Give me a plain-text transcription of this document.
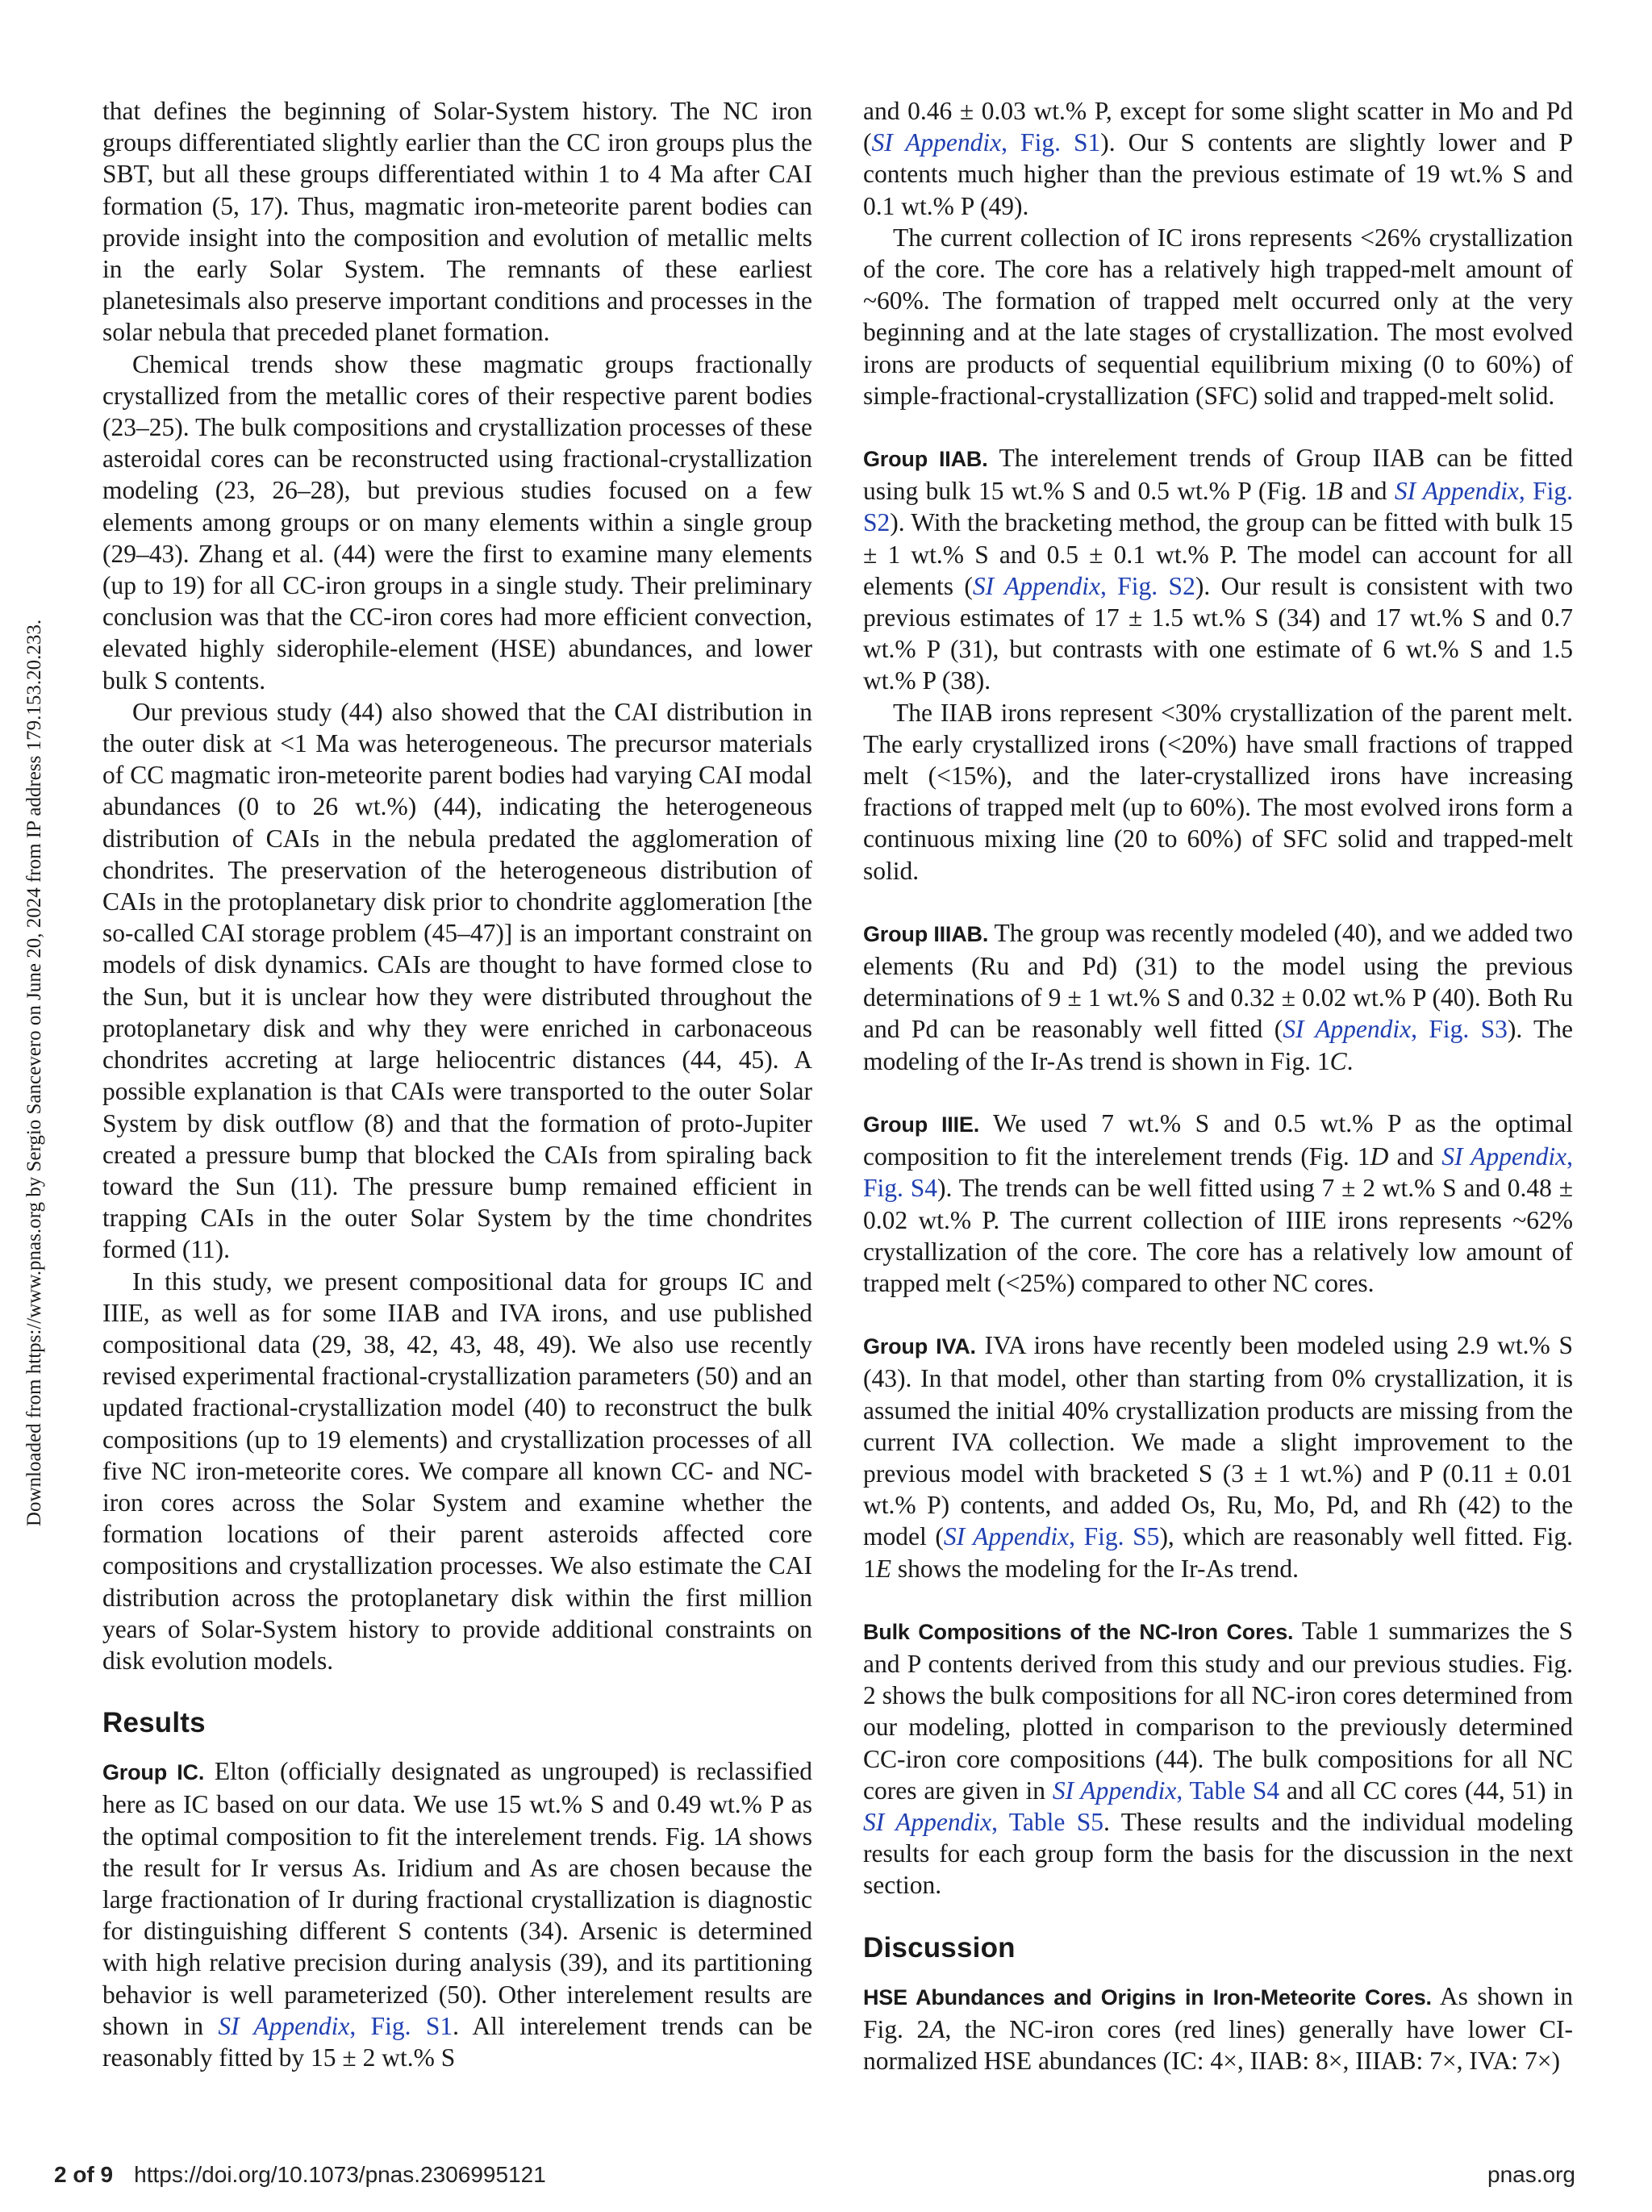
Downloaded from https://www.pnas.org by Sergio Sancevero on June 20, 2024 from IP address 179.153.20.233.

that defines the beginning of Solar-System history. The NC iron groups differentiated slightly earlier than the CC iron groups plus the SBT, but all these groups differentiated within 1 to 4 Ma after CAI formation (5, 17). Thus, magmatic iron-meteorite parent bodies can provide insight into the composition and evolution of metallic melts in the early Solar System. The remnants of these earliest planetesimals also preserve important conditions and processes in the solar nebula that preceded planet formation.

Chemical trends show these magmatic groups fractionally crystallized from the metallic cores of their respective parent bodies (23–25). The bulk compositions and crystallization processes of these asteroidal cores can be reconstructed using fractional-crystallization modeling (23, 26–28), but previous studies focused on a few elements among groups or on many elements within a single group (29–43). Zhang et al. (44) were the first to examine many elements (up to 19) for all CC-iron groups in a single study. Their preliminary conclusion was that the CC-iron cores had more efficient convection, elevated highly siderophile-element (HSE) abundances, and lower bulk S contents.

Our previous study (44) also showed that the CAI distribution in the outer disk at <1 Ma was heterogeneous. The precursor materials of CC magmatic iron-meteorite parent bodies had varying CAI modal abundances (0 to 26 wt.%) (44), indicating the heterogeneous distribution of CAIs in the nebula predated the agglomeration of chondrites. The preservation of the heterogeneous distribution of CAIs in the protoplanetary disk prior to chondrite agglomeration [the so-called CAI storage problem (45–47)] is an important constraint on models of disk dynamics. CAIs are thought to have formed close to the Sun, but it is unclear how they were distributed throughout the protoplanetary disk and why they were enriched in carbonaceous chondrites accreting at large heliocentric distances (44, 45). A possible explanation is that CAIs were transported to the outer Solar System by disk outflow (8) and that the formation of proto-Jupiter created a pressure bump that blocked the CAIs from spiraling back toward the Sun (11). The pressure bump remained efficient in trapping CAIs in the outer Solar System by the time chondrites formed (11).

In this study, we present compositional data for groups IC and IIIE, as well as for some IIAB and IVA irons, and use published compositional data (29, 38, 42, 43, 48, 49). We also use recently revised experimental fractional-crystallization parameters (50) and an updated fractional-crystallization model (40) to reconstruct the bulk compositions (up to 19 elements) and crystallization processes of all five NC iron-meteorite cores. We compare all known CC- and NC-iron cores across the Solar System and examine whether the formation locations of their parent asteroids affected core compositions and crystallization processes. We also estimate the CAI distribution across the protoplanetary disk within the first million years of Solar-System history to provide additional constraints on disk evolution models.

Results

Group IC. Elton (officially designated as ungrouped) is reclassified here as IC based on our data. We use 15 wt.% S and 0.49 wt.% P as the optimal composition to fit the interelement trends. Fig. 1A shows the result for Ir versus As. Iridium and As are chosen because the large fractionation of Ir during fractional crystallization is diagnostic for distinguishing different S contents (34). Arsenic is determined with high relative precision during analysis (39), and its partitioning behavior is well parameterized (50). Other interelement results are shown in SI Appendix, Fig. S1. All interelement trends can be reasonably fitted by 15 ± 2 wt.% S

and 0.46 ± 0.03 wt.% P, except for some slight scatter in Mo and Pd (SI Appendix, Fig. S1). Our S contents are slightly lower and P contents much higher than the previous estimate of 19 wt.% S and 0.1 wt.% P (49).

The current collection of IC irons represents <26% crystallization of the core. The core has a relatively high trapped-melt amount of ~60%. The formation of trapped melt occurred only at the very beginning and at the late stages of crystallization. The most evolved irons are products of sequential equilibrium mixing (0 to 60%) of simple-fractional-crystallization (SFC) solid and trapped-melt solid.

Group IIAB. The interelement trends of Group IIAB can be fitted using bulk 15 wt.% S and 0.5 wt.% P (Fig. 1B and SI Appendix, Fig. S2). With the bracketing method, the group can be fitted with bulk 15 ± 1 wt.% S and 0.5 ± 0.1 wt.% P. The model can account for all elements (SI Appendix, Fig. S2). Our result is consistent with two previous estimates of 17 ± 1.5 wt.% S (34) and 17 wt.% S and 0.7 wt.% P (31), but contrasts with one estimate of 6 wt.% S and 1.5 wt.% P (38).

The IIAB irons represent <30% crystallization of the parent melt. The early crystallized irons (<20%) have small fractions of trapped melt (<15%), and the later-crystallized irons have increasing fractions of trapped melt (up to 60%). The most evolved irons form a continuous mixing line (20 to 60%) of SFC solid and trapped-melt solid.

Group IIIAB. The group was recently modeled (40), and we added two elements (Ru and Pd) (31) to the model using the previous determinations of 9 ± 1 wt.% S and 0.32 ± 0.02 wt.% P (40). Both Ru and Pd can be reasonably well fitted (SI Appendix, Fig. S3). The modeling of the Ir-As trend is shown in Fig. 1C.

Group IIIE. We used 7 wt.% S and 0.5 wt.% P as the optimal composition to fit the interelement trends (Fig. 1D and SI Appendix, Fig. S4). The trends can be well fitted using 7 ± 2 wt.% S and 0.48 ± 0.02 wt.% P. The current collection of IIIE irons represents ~62% crystallization of the core. The core has a relatively low amount of trapped melt (<25%) compared to other NC cores.

Group IVA. IVA irons have recently been modeled using 2.9 wt.% S (43). In that model, other than starting from 0% crystallization, it is assumed the initial 40% crystallization products are missing from the current IVA collection. We made a slight improvement to the previous model with bracketed S (3 ± 1 wt.%) and P (0.11 ± 0.01 wt.% P) contents, and added Os, Ru, Mo, Pd, and Rh (42) to the model (SI Appendix, Fig. S5), which are reasonably well fitted. Fig. 1E shows the modeling for the Ir-As trend.

Bulk Compositions of the NC-Iron Cores. Table 1 summarizes the S and P contents derived from this study and our previous studies. Fig. 2 shows the bulk compositions for all NC-iron cores determined from our modeling, plotted in comparison to the previously determined CC-iron core compositions (44). The bulk compositions for all NC cores are given in SI Appendix, Table S4 and all CC cores (44, 51) in SI Appendix, Table S5. These results and the individual modeling results for each group form the basis for the discussion in the next section.

Discussion

HSE Abundances and Origins in Iron-Meteorite Cores. As shown in Fig. 2A, the NC-iron cores (red lines) generally have lower CI-normalized HSE abundances (IC: 4×, IIAB: 8×, IIIAB: 7×, IVA: 7×)

2 of 9 https://doi.org/10.1073/pnas.2306995121	pnas.org
